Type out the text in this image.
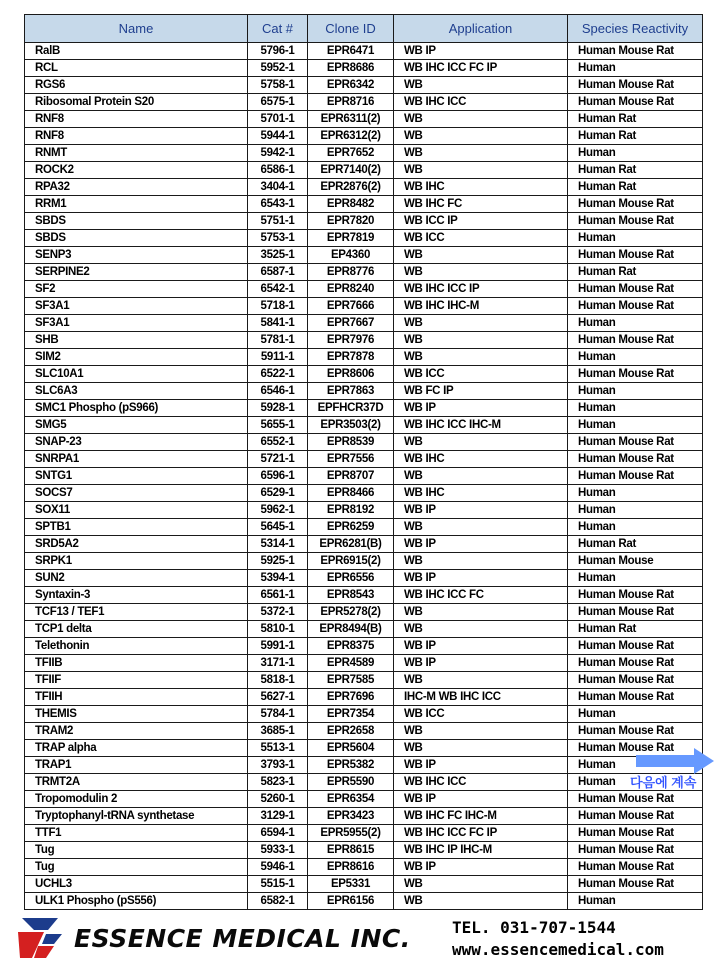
Name	Cat #	Clone ID	Application	Species Reactivity
RalB	5796-1	EPR6471	WB IP	Human Mouse Rat
RCL	5952-1	EPR8686	WB IHC ICC FC IP	Human
RGS6	5758-1	EPR6342	WB	Human Mouse Rat
Ribosomal Protein S20	6575-1	EPR8716	WB IHC ICC	Human Mouse Rat
RNF8	5701-1	EPR6311(2)	WB	Human Rat
RNF8	5944-1	EPR6312(2)	WB	Human Rat
RNMT	5942-1	EPR7652	WB	Human
ROCK2	6586-1	EPR7140(2)	WB	Human Rat
RPA32	3404-1	EPR2876(2)	WB IHC	Human Rat
RRM1	6543-1	EPR8482	WB IHC FC	Human Mouse Rat
SBDS	5751-1	EPR7820	WB ICC IP	Human Mouse Rat
SBDS	5753-1	EPR7819	WB ICC	Human
SENP3	3525-1	EP4360	WB	Human Mouse Rat
SERPINE2	6587-1	EPR8776	WB	Human Rat
SF2	6542-1	EPR8240	WB IHC ICC IP	Human Mouse Rat
SF3A1	5718-1	EPR7666	WB IHC IHC-M	Human Mouse Rat
SF3A1	5841-1	EPR7667	WB	Human
SHB	5781-1	EPR7976	WB	Human Mouse Rat
SIM2	5911-1	EPR7878	WB	Human
SLC10A1	6522-1	EPR8606	WB ICC	Human Mouse Rat
SLC6A3	6546-1	EPR7863	WB FC IP	Human
SMC1 Phospho (pS966)	5928-1	EPFHCR37D	WB IP	Human
SMG5	5655-1	EPR3503(2)	WB IHC ICC IHC-M	Human
SNAP-23	6552-1	EPR8539	WB	Human Mouse Rat
SNRPA1	5721-1	EPR7556	WB IHC	Human Mouse Rat
SNTG1	6596-1	EPR8707	WB	Human Mouse Rat
SOCS7	6529-1	EPR8466	WB IHC	Human
SOX11	5962-1	EPR8192	WB IP	Human
SPTB1	5645-1	EPR6259	WB	Human
SRD5A2	5314-1	EPR6281(B)	WB IP	Human Rat
SRPK1	5925-1	EPR6915(2)	WB	Human Mouse
SUN2	5394-1	EPR6556	WB IP	Human
Syntaxin-3	6561-1	EPR8543	WB IHC ICC FC	Human Mouse Rat
TCF13 / TEF1	5372-1	EPR5278(2)	WB	Human Mouse Rat
TCP1 delta	5810-1	EPR8494(B)	WB	Human Rat
Telethonin	5991-1	EPR8375	WB IP	Human Mouse Rat
TFIIB	3171-1	EPR4589	WB IP	Human Mouse Rat
TFIIF	5818-1	EPR7585	WB	Human Mouse Rat
TFIIH	5627-1	EPR7696	IHC-M WB IHC ICC	Human Mouse Rat
THEMIS	5784-1	EPR7354	WB ICC	Human
TRAM2	3685-1	EPR2658	WB	Human Mouse Rat
TRAP alpha	5513-1	EPR5604	WB	Human Mouse Rat
TRAP1	3793-1	EPR5382	WB IP	Human
TRMT2A	5823-1	EPR5590	WB IHC ICC	Human
Tropomodulin 2	5260-1	EPR6354	WB IP	Human Mouse Rat
Tryptophanyl-tRNA synthetase	3129-1	EPR3423	WB IHC FC IHC-M	Human Mouse Rat
TTF1	6594-1	EPR5955(2)	WB IHC ICC FC IP	Human Mouse Rat
Tug	5933-1	EPR8615	WB IHC IP IHC-M	Human Mouse Rat
Tug	5946-1	EPR8616	WB IP	Human Mouse Rat
UCHL3	5515-1	EP5331	WB	Human Mouse Rat
ULK1 Phospho (pS556)	6582-1	EPR6156	WB	Human
다음에 계속
ESSENCE MEDICAL INC.	TEL. 031-707-1544
www.essencemedical.com
